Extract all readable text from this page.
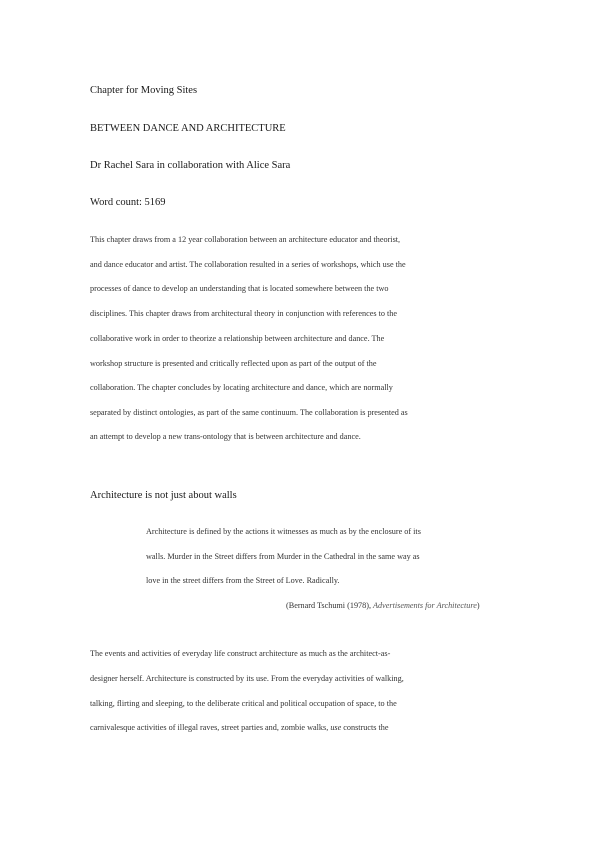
Chapter for Moving Sites
BETWEEN DANCE AND ARCHITECTURE
Dr Rachel Sara in collaboration with Alice Sara
Word count: 5169
This chapter draws from a 12 year collaboration between an architecture educator and theorist,
and dance educator and artist. The collaboration resulted in a series of workshops, which use the
processes of dance to develop an understanding that is located somewhere between the two
disciplines. This chapter draws from architectural theory in conjunction with references to the
collaborative work in order to theorize a relationship between architecture and dance. The
workshop structure is presented and critically reflected upon as part of the output of the
collaboration. The chapter concludes by locating architecture and dance, which are normally
separated by distinct ontologies, as part of the same continuum. The collaboration is presented as
an attempt to develop a new trans-ontology that is between architecture and dance.
Architecture is not just about walls
Architecture is defined by the actions it witnesses as much as by the enclosure of its
walls. Murder in the Street differs from Murder in the Cathedral in the same way as
love in the street differs from the Street of Love. Radically.
(Bernard Tschumi (1978), Advertisements for Architecture)
The events and activities of everyday life construct architecture as much as the architect-as-
designer herself. Architecture is constructed by its use. From the everyday activities of walking,
talking, flirting and sleeping, to the deliberate critical and political occupation of space, to the
carnivalesque activities of illegal raves, street parties and, zombie walks, use constructs the
